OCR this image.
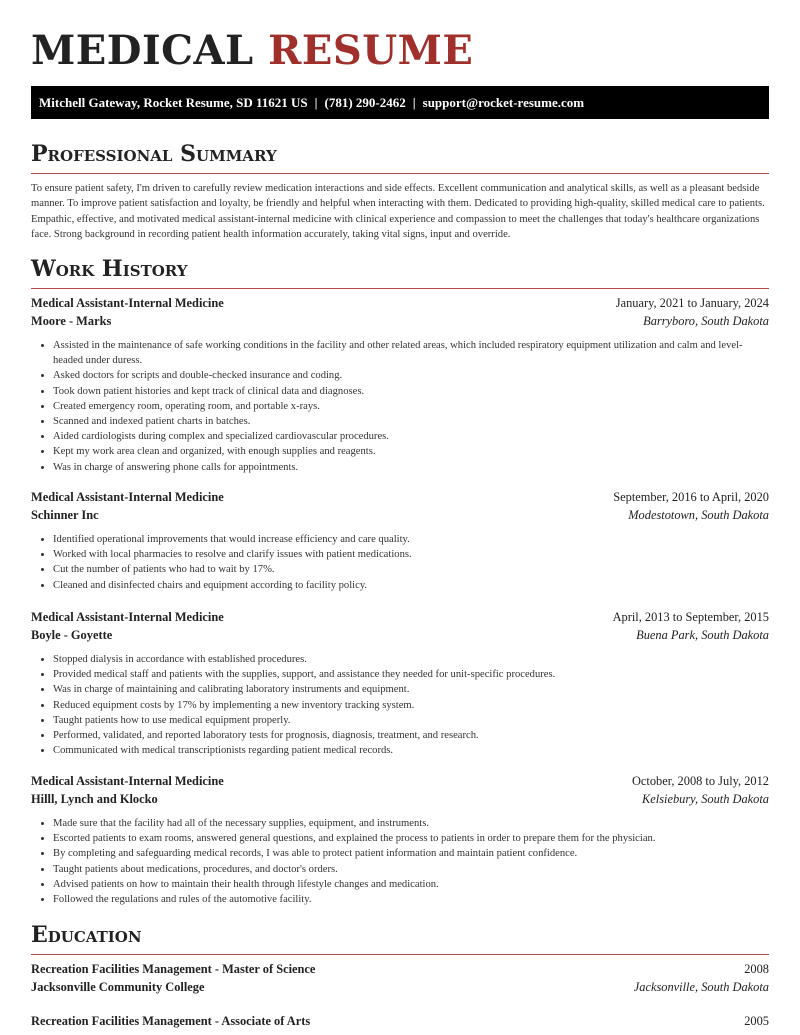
MEDICAL RESUME
Mitchell Gateway, Rocket Resume, SD 11621 US | (781) 290-2462 | support@rocket-resume.com
Professional Summary
To ensure patient safety, I'm driven to carefully review medication interactions and side effects. Excellent communication and analytical skills, as well as a pleasant bedside manner. To improve patient satisfaction and loyalty, be friendly and helpful when interacting with them. Dedicated to providing high-quality, skilled medical care to patients. Empathic, effective, and motivated medical assistant-internal medicine with clinical experience and compassion to meet the challenges that today's healthcare organizations face. Strong background in recording patient health information accurately, taking vital signs, input and override.
Work History
Medical Assistant-Internal Medicine	January, 2021 to January, 2024
Moore - Marks	Barryboro, South Dakota
• Assisted in the maintenance of safe working conditions in the facility and other related areas, which included respiratory equipment utilization and calm and level-headed under duress.
• Asked doctors for scripts and double-checked insurance and coding.
• Took down patient histories and kept track of clinical data and diagnoses.
• Created emergency room, operating room, and portable x-rays.
• Scanned and indexed patient charts in batches.
• Aided cardiologists during complex and specialized cardiovascular procedures.
• Kept my work area clean and organized, with enough supplies and reagents.
• Was in charge of answering phone calls for appointments.
Medical Assistant-Internal Medicine	September, 2016 to April, 2020
Schinner Inc	Modestotown, South Dakota
• Identified operational improvements that would increase efficiency and care quality.
• Worked with local pharmacies to resolve and clarify issues with patient medications.
• Cut the number of patients who had to wait by 17%.
• Cleaned and disinfected chairs and equipment according to facility policy.
Medical Assistant-Internal Medicine	April, 2013 to September, 2015
Boyle - Goyette	Buena Park, South Dakota
• Stopped dialysis in accordance with established procedures.
• Provided medical staff and patients with the supplies, support, and assistance they needed for unit-specific procedures.
• Was in charge of maintaining and calibrating laboratory instruments and equipment.
• Reduced equipment costs by 17% by implementing a new inventory tracking system.
• Taught patients how to use medical equipment properly.
• Performed, validated, and reported laboratory tests for prognosis, diagnosis, treatment, and research.
• Communicated with medical transcriptionists regarding patient medical records.
Medical Assistant-Internal Medicine	October, 2008 to July, 2012
Hilll, Lynch and Klocko	Kelsiebury, South Dakota
• Made sure that the facility had all of the necessary supplies, equipment, and instruments.
• Escorted patients to exam rooms, answered general questions, and explained the process to patients in order to prepare them for the physician.
• By completing and safeguarding medical records, I was able to protect patient information and maintain patient confidence.
• Taught patients about medications, procedures, and doctor's orders.
• Advised patients on how to maintain their health through lifestyle changes and medication.
• Followed the regulations and rules of the automotive facility.
Education
Recreation Facilities Management - Master of Science	2008
Jacksonville Community College	Jacksonville, South Dakota
Recreation Facilities Management - Associate of Arts	2005
